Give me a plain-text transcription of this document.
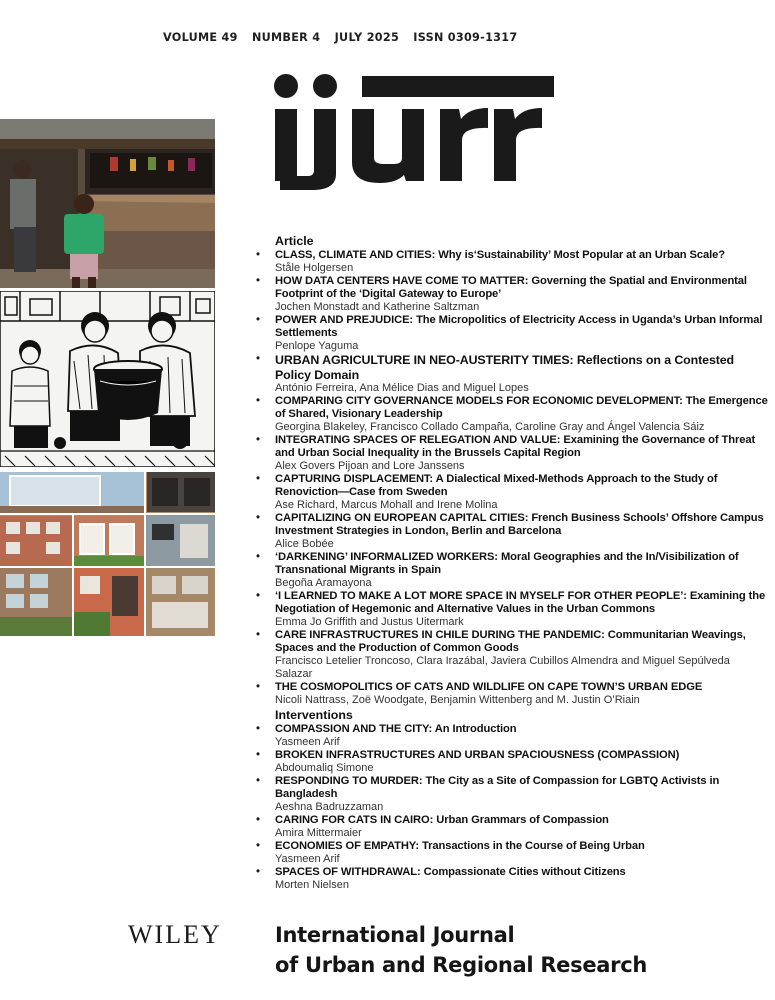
VOLUME 49 NUMBER 4 JULY 2025 ISSN 0309-1317
Article
• CLASS, CLIMATE AND CITIES: Why is‘Sustainability’ Most Popular at an Urban Scale?
Ståle Holgersen
• HOW DATA CENTERS HAVE COME TO MATTER: Governing the Spatial and Environmental Footprint of the ‘Digital Gateway to Europe’
Jochen Monstadt and Katherine Saltzman
• POWER AND PREJUDICE: The Micropolitics of Electricity Access in Uganda’s Urban Informal Settlements
Penlope Yaguma
• URBAN AGRICULTURE IN NEO-AUSTERITY TIMES: Reflections on a Contested Policy Domain
António Ferreira, Ana Mélice Dias and Miguel Lopes
• COMPARING CITY GOVERNANCE MODELS FOR ECONOMIC DEVELOPMENT: The Emergence of Shared, Visionary Leadership
Georgina Blakeley, Francisco Collado Campaña, Caroline Gray and Ángel Valencia Sáiz
• INTEGRATING SPACES OF RELEGATION AND VALUE: Examining the Governance of Threat and Urban Social Inequality in the Brussels Capital Region
Alex Govers Pijoan and Lore Janssens
• CAPTURING DISPLACEMENT: A Dialectical Mixed-Methods Approach to the Study of Renoviction—Case from Sweden
Ase Richard, Marcus Mohall and Irene Molina
• CAPITALIZING ON EUROPEAN CAPITAL CITIES: French Business Schools’ Offshore Campus Investment Strategies in London, Berlin and Barcelona
Alice Bobée
• ‘DARKENING’ INFORMALIZED WORKERS: Moral Geographies and the In/Visibilization of Transnational Migrants in Spain
Begoña Aramayona
• ‘I LEARNED TO MAKE A LOT MORE SPACE IN MYSELF FOR OTHER PEOPLE’: Examining the Negotiation of Hegemonic and Alternative Values in the Urban Commons
Emma Jo Griffith and Justus Uitermark
• CARE INFRASTRUCTURES IN CHILE DURING THE PANDEMIC: Communitarian Weavings, Spaces and the Production of Common Goods
Francisco Letelier Troncoso, Clara Irazábal, Javiera Cubillos Almendra and Miguel Sepúlveda Salazar
• THE COSMOPOLITICS OF CATS AND WILDLIFE ON CAPE TOWN’S URBAN EDGE
Nicoli Nattrass, Zoë Woodgate, Benjamin Wittenberg and M. Justin O’Riain
Interventions
• COMPASSION AND THE CITY: An Introduction
Yasmeen Arif
• BROKEN INFRASTRUCTURES AND URBAN SPACIOUSNESS (COMPASSION)
Abdoumaliq Simone
• RESPONDING TO MURDER: The City as a Site of Compassion for LGBTQ Activists in Bangladesh
Aeshna Badruzzaman
• CARING FOR CATS IN CAIRO: Urban Grammars of Compassion
Amira Mittermaier
• ECONOMIES OF EMPATHY: Transactions in the Course of Being Urban
Yasmeen Arif
• SPACES OF WITHDRAWAL: Compassionate Cities without Citizens
Morten Nielsen
WILEY	International Journal
of Urban and Regional Research
